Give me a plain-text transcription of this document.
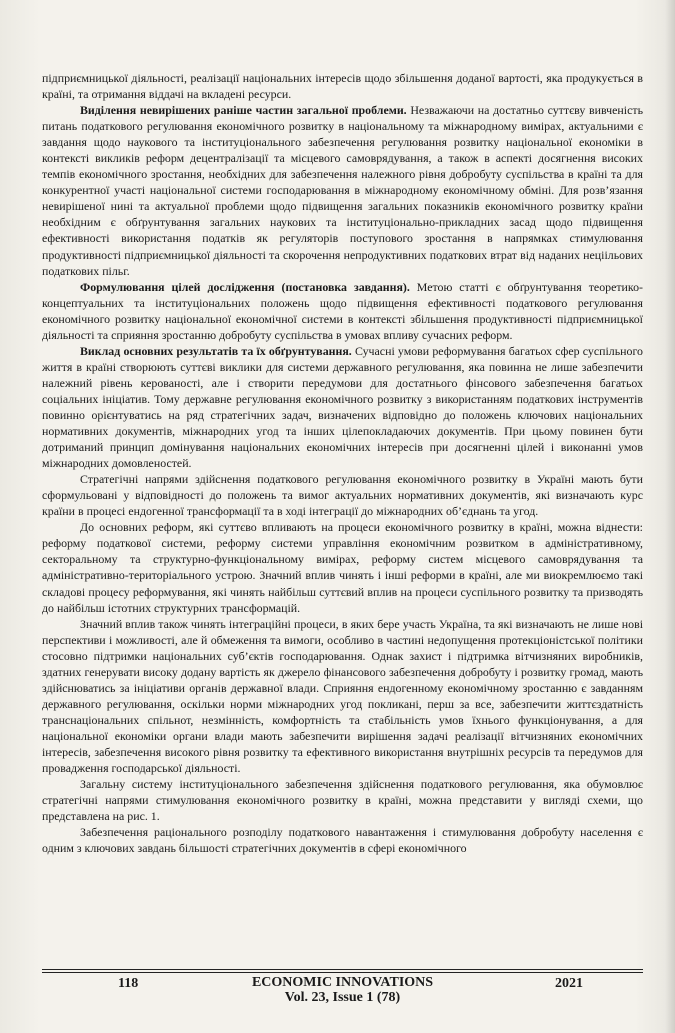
підприємницької діяльності, реалізації національних інтересів щодо збільшення доданої вартості, яка продукується в країні, та отримання віддачі на вкладені ресурси.

Виділення невирішених раніше частин загальної проблеми. Незважаючи на достатньо суттєву вивченість питань податкового регулювання економічного розвитку в національному та міжнародному вимірах, актуальними є завдання щодо наукового та інституціонального забезпечення регулювання розвитку національної економіки в контексті викликів реформ децентралізації та місцевого самоврядування, а також в аспекті досягнення високих темпів економічного зростання, необхідних для забезпечення належного рівня добробуту суспільства в країні та для конкурентної участі національної системи господарювання в міжнародному економічному обміні. Для розв’язання невирішеної нині та актуальної проблеми щодо підвищення загальних показників економічного розвитку країни необхідним є обґрунтування загальних наукових та інституціонально-прикладних засад щодо підвищення ефективності використання податків як регуляторів поступового зростання в напрямках стимулювання продуктивності підприємницької діяльності та скорочення непродуктивних податкових втрат від наданих неціільових податкових пільг.

Формулювання цілей дослідження (постановка завдання). Метою статті є обґрунтування теоретико-концептуальних та інституціональних положень щодо підвищення ефективності податкового регулювання економічного розвитку національної економічної системи в контексті збільшення продуктивності підприємницької діяльності та сприяння зростанню добробуту суспільства в умовах впливу сучасних реформ.

Виклад основних результатів та їх обґрунтування. Сучасні умови реформування багатьох сфер суспільного життя в країні створюють суттєві виклики для системи державного регулювання, яка повинна не лише забезпечити належний рівень керованості, але і створити передумови для достатнього фінсового забезпечення багатьох соціальних ініціатив. Тому державне регулювання економічного розвитку з використанням податкових інструментів повинно орієнтуватись на ряд стратегічних задач, визначених відповідно до положень ключових національних нормативних документів, міжнародних угод та інших цілепокладаючих документів. При цьому повинен бути дотриманий принцип домінування національних економічних інтересів при досягненні цілей і виконанні умов міжнародних домовленостей.

Стратегічні напрями здійснення податкового регулювання економічного розвитку в Україні мають бути сформульовані у відповідності до положень та вимог актуальних нормативних документів, які визначають курс країни в процесі ендогенної трансформації та в ході інтеграції до міжнародних об’єднань та угод.

До основних реформ, які суттєво впливають на процеси економічного розвитку в країні, можна віднести: реформу податкової системи, реформу системи управління економічним розвитком в адміністративному, секторальному та структурно-функціональному вимірах, реформу систем місцевого самоврядування та адміністративно-територіального устрою. Значний вплив чинять і інші реформи в країні, але ми виокремлюємо такі складові процесу реформування, які чинять найбільш суттєвий вплив на процеси суспільного розвитку та призводять до найбільш істотних структурних трансформацій.

Значний вплив також чинять інтеграційні процеси, в яких бере участь Україна, та які визначають не лише нові перспективи і можливості, але й обмеження та вимоги, особливо в частині недопущення протекціоністської політики стосовно підтримки національних суб’єктів господарювання. Однак захист і підтримка вітчизняних виробників, здатних генерувати високу додану вартість як джерело фінансового забезпечення добробуту і розвитку громад, мають здійснюватись за ініціативи органів державної влади. Сприяння ендогенному економічному зростанню є завданням державного регулювання, оскільки норми міжнародних угод покликані, перш за все, забезпечити життєздатність транснаціональних спільнот, незмінність, комфортність та стабільність умов їхнього функціонування, а для національної економіки органи влади мають забезпечити вирішення задачі реалізації вітчизняних економічних інтересів, забезпечення високого рівня розвитку та ефективного використання внутрішніх ресурсів та передумов для провадження господарської діяльності.

Загальну систему інституціонального забезпечення здійснення податкового регулювання, яка обумовлює стратегічні напрями стимулювання економічного розвитку в країні, можна представити у вигляді схеми, що представлена на рис. 1.

Забезпечення раціонального розподілу податкового навантаження і стимулювання добробуту населення є одним з ключових завдань більшості стратегічних документів в сфері економічного

118	ECONOMIC INNOVATIONS
Vol. 23, Issue 1 (78)
2021
